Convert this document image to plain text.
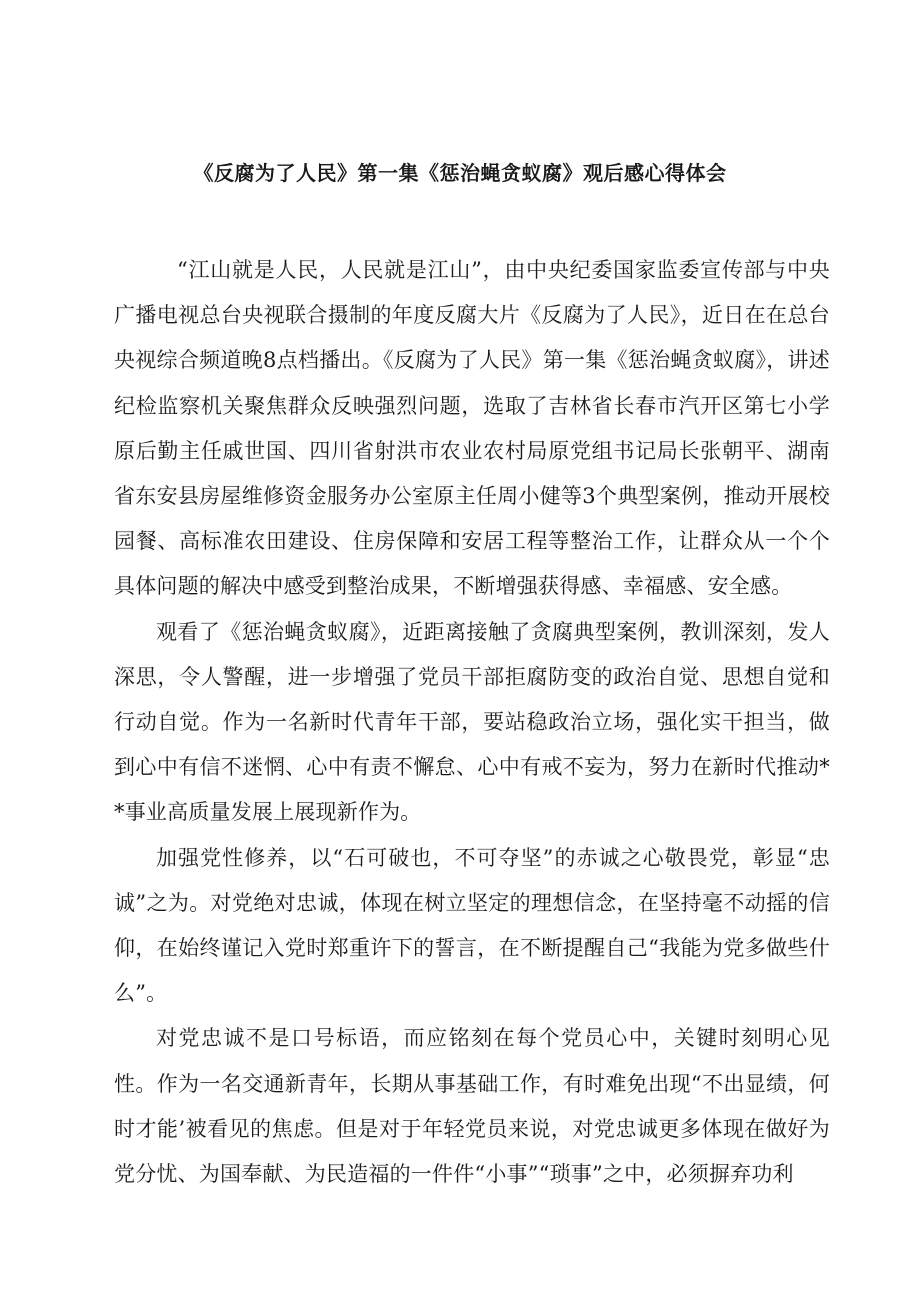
《反腐为了人民》第一集《惩治蝇贪蚁腐》观后感心得体会

“江山就是人民，人民就是江山”，由中央纪委国家监委宣传部与中央广播电视总台央视联合摄制的年度反腐大片《反腐为了人民》，近日在在总台央视综合频道晚8点档播出。《反腐为了人民》第一集《惩治蝇贪蚁腐》，讲述纪检监察机关聚焦群众反映强烈问题，选取了吉林省长春市汽开区第七小学原后勤主任戚世国、四川省射洪市农业农村局原党组书记局长张朝平、湖南省东安县房屋维修资金服务办公室原主任周小健等3个典型案例，推动开展校园餐、高标准农田建设、住房保障和安居工程等整治工作，让群众从一个个具体问题的解决中感受到整治成果，不断增强获得感、幸福感、安全感。

观看了《惩治蝇贪蚁腐》，近距离接触了贪腐典型案例，教训深刻，发人深思，令人警醒，进一步增强了党员干部拒腐防变的政治自觉、思想自觉和行动自觉。作为一名新时代青年干部，要站稳政治立场，强化实干担当，做到心中有信不迷惘、心中有责不懈怠、心中有戒不妄为，努力在新时代推动**事业高质量发展上展现新作为。

加强党性修养，以“石可破也，不可夺坚”的赤诚之心敬畏党，彰显“忠诚”之为。对党绝对忠诚，体现在树立坚定的理想信念，在坚持毫不动摇的信仰，在始终谨记入党时郑重许下的誓言，在不断提醒自己“我能为党多做些什么”。

对党忠诚不是口号标语，而应铭刻在每个党员心中，关键时刻明心见性。作为一名交通新青年，长期从事基础工作，有时难免出现“不出显绩，何时才能’被看见的焦虑。但是对于年轻党员来说，对党忠诚更多体现在做好为党分忧、为国奉献、为民造福的一件件“小事”“琐事”之中，必须摒弃功利
